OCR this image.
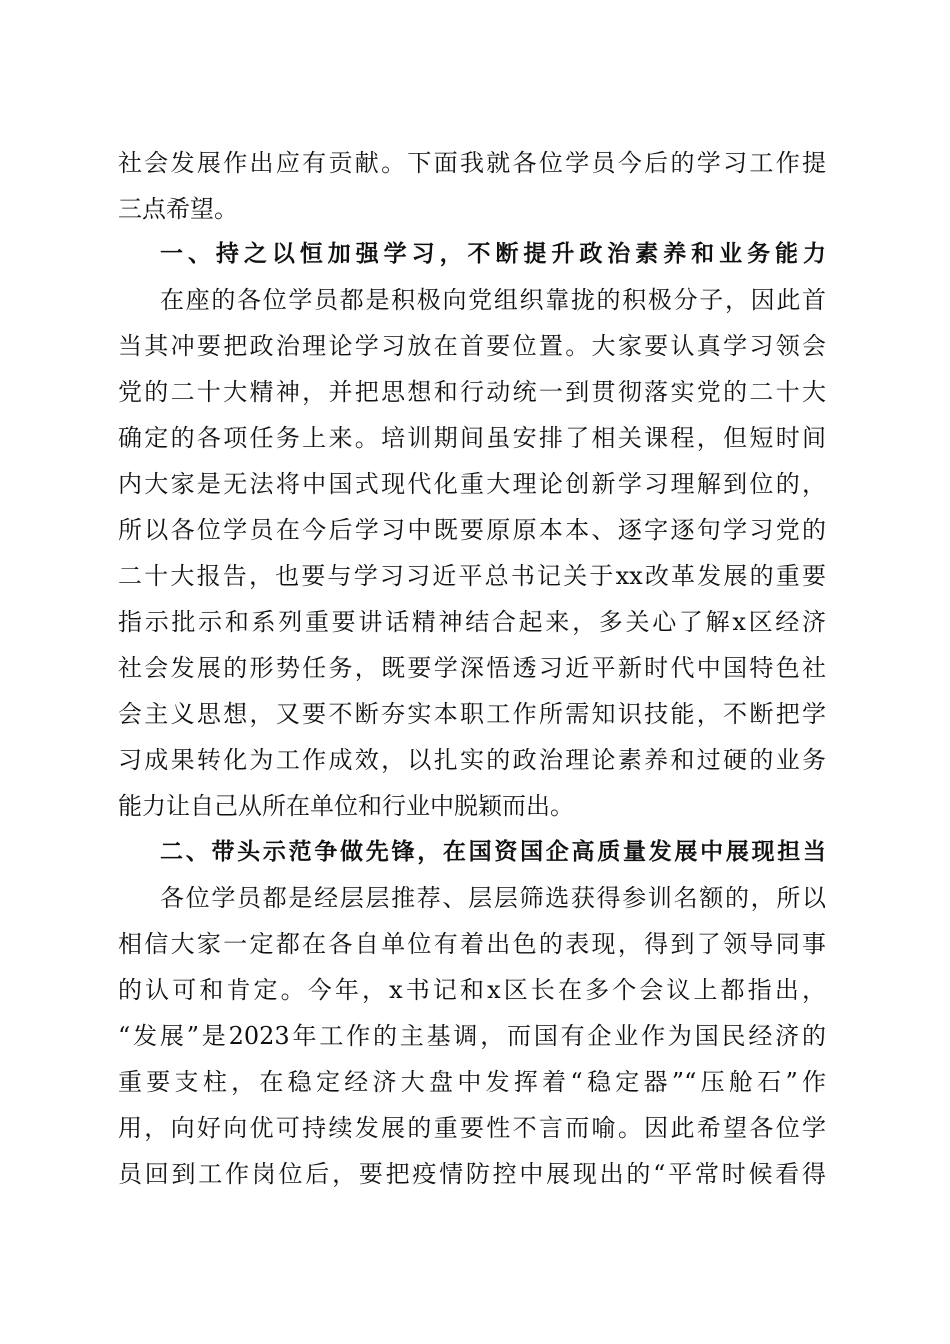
社会发展作出应有贡献。下面我就各位学员今后的学习工作提
三点希望。
一、持之以恒加强学习，不断提升政治素养和业务能力
在座的各位学员都是积极向党组织靠拢的积极分子，因此首
当其冲要把政治理论学习放在首要位置。大家要认真学习领会
党的二十大精神，并把思想和行动统一到贯彻落实党的二十大
确定的各项任务上来。培训期间虽安排了相关课程，但短时间
内大家是无法将中国式现代化重大理论创新学习理解到位的，
所以各位学员在今后学习中既要原原本本、逐字逐句学习党的
二十大报告，也要与学习习近平总书记关于xx改革发展的重要
指示批示和系列重要讲话精神结合起来，多关心了解x区经济
社会发展的形势任务，既要学深悟透习近平新时代中国特色社
会主义思想，又要不断夯实本职工作所需知识技能，不断把学
习成果转化为工作成效，以扎实的政治理论素养和过硬的业务
能力让自己从所在单位和行业中脱颖而出。
二、带头示范争做先锋，在国资国企高质量发展中展现担当
各位学员都是经层层推荐、层层筛选获得参训名额的，所以
相信大家一定都在各自单位有着出色的表现，得到了领导同事
的认可和肯定。今年，x书记和x区长在多个会议上都指出，
“发展”是2023年工作的主基调，而国有企业作为国民经济的
重要支柱，在稳定经济大盘中发挥着“稳定器”“压舱石”作
用，向好向优可持续发展的重要性不言而喻。因此希望各位学
员回到工作岗位后，要把疫情防控中展现出的“平常时候看得
